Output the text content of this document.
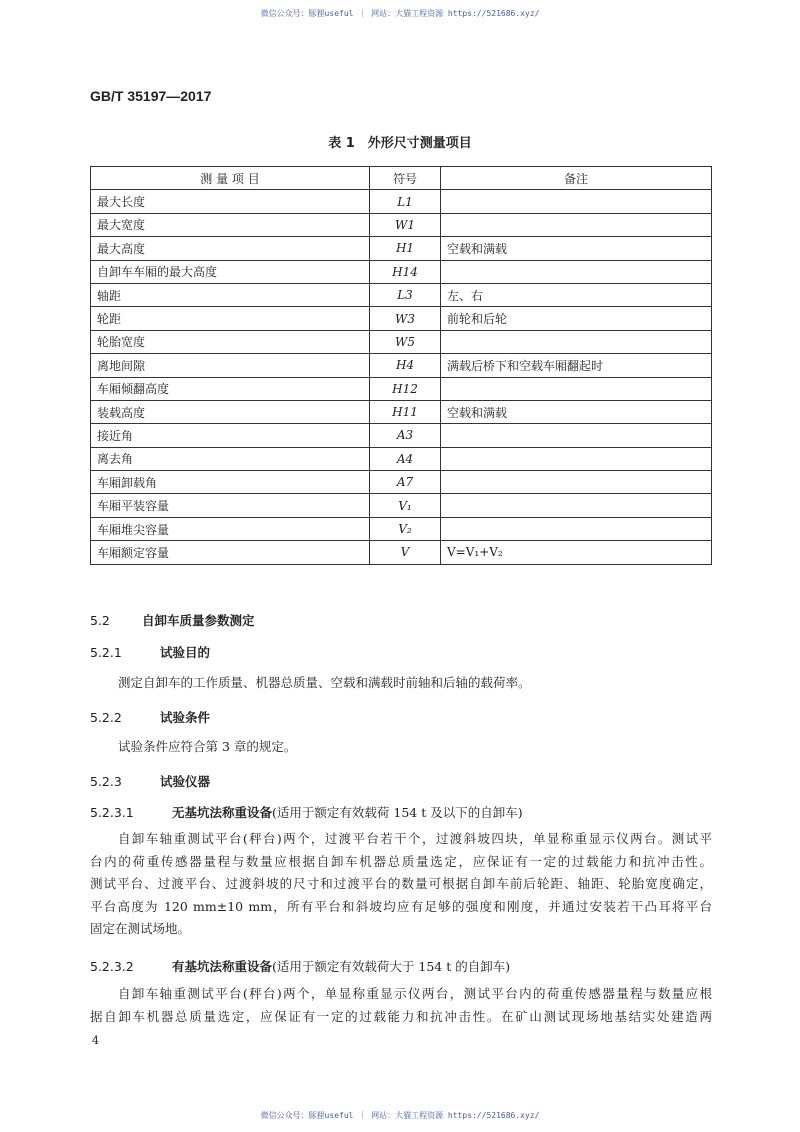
微信公众号：豚狸useful ｜ 网站：大猫工程资源 https://521686.xyz/
GB/T 35197—2017
表 1　外形尺寸测量项目
测 量 项 目	符号	备注
最大长度	L1	
最大宽度	W1	
最大高度	H1	空载和满载
自卸车车厢的最大高度	H14	
轴距	L3	左、右
轮距	W3	前轮和后轮
轮胎宽度	W5	
离地间隙	H4	满载后桥下和空载车厢翻起时
车厢倾翻高度	H12	
装载高度	H11	空载和满载
接近角	A3	
离去角	A4	
车厢卸载角	A7	
车厢平装容量	V₁	
车厢堆尖容量	V₂	
车厢额定容量	V	V=V₁+V₂
5.2	自卸车质量参数测定
5.2.1	试验目的
测定自卸车的工作质量、机器总质量、空载和满载时前轴和后轴的载荷率。
5.2.2	试验条件
试验条件应符合第 3 章的规定。
5.2.3	试验仪器
5.2.3.1	无基坑法称重设备(适用于额定有效载荷 154 t 及以下的自卸车)
自卸车轴重测试平台(秤台)两个，过渡平台若干个，过渡斜坡四块，单显称重显示仪两台。测试平
台内的荷重传感器量程与数量应根据自卸车机器总质量选定，应保证有一定的过载能力和抗冲击性。
测试平台、过渡平台、过渡斜坡的尺寸和过渡平台的数量可根据自卸车前后轮距、轴距、轮胎宽度确定，
平台高度为 120 mm±10 mm，所有平台和斜坡均应有足够的强度和刚度，并通过安装若干凸耳将平台
固定在测试场地。
5.2.3.2	有基坑法称重设备(适用于额定有效载荷大于 154 t 的自卸车)
自卸车轴重测试平台(秤台)两个，单显称重显示仪两台，测试平台内的荷重传感器量程与数量应根
据自卸车机器总质量选定，应保证有一定的过载能力和抗冲击性。在矿山测试现场地基结实处建造两
4
微信公众号：豚狸useful ｜ 网站：大猫工程资源 https://521686.xyz/
